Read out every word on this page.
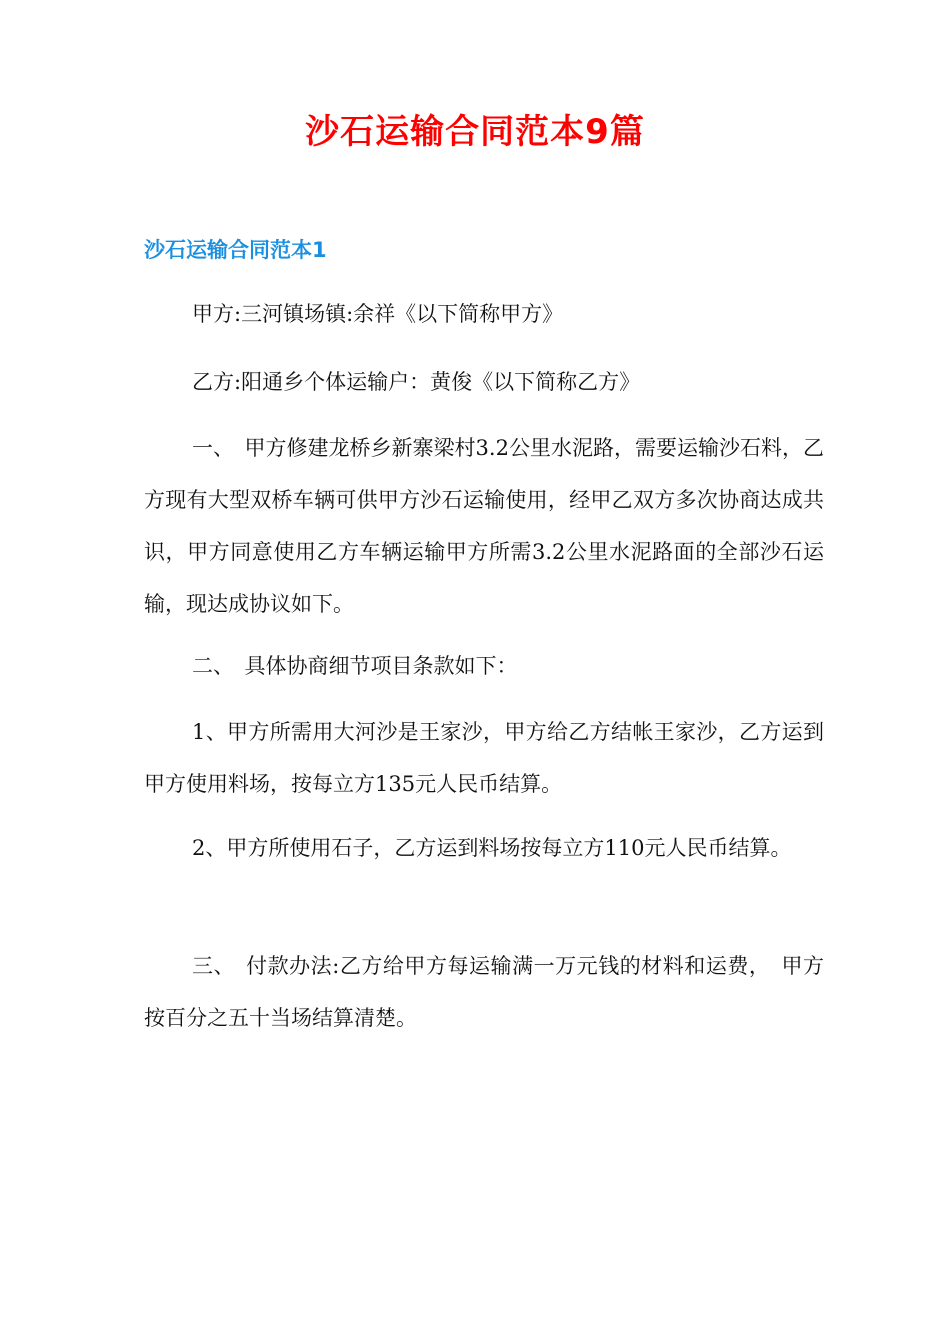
沙石运输合同范本9篇
沙石运输合同范本1

甲方:三河镇场镇:余祥《以下简称甲方》

乙方:阳通乡个体运输户：黄俊《以下简称乙方》

一、　甲方修建龙桥乡新寨梁村3.2公里水泥路，需要运输沙石料，乙方现有大型双桥车辆可供甲方沙石运输使用，经甲乙双方多次协商达成共识，甲方同意使用乙方车辆运输甲方所需3.2公里水泥路面的全部沙石运输，现达成协议如下。

二、　具体协商细节项目条款如下：

1、甲方所需用大河沙是王家沙，甲方给乙方结帐王家沙，乙方运到甲方使用料场，按每立方135元人民币结算。

2、甲方所使用石子，乙方运到料场按每立方110元人民币结算。

三、　付款办法:乙方给甲方每运输满一万元钱的材料和运费，　甲方按百分之五十当场结算清楚。
